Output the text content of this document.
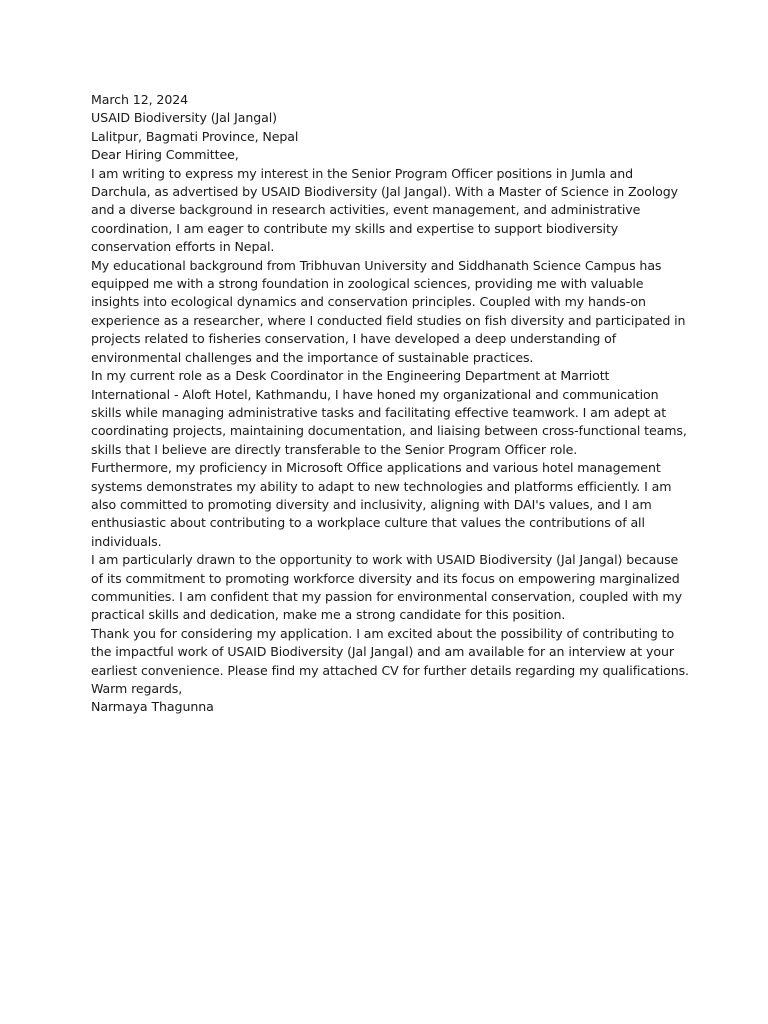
March 12, 2024

USAID Biodiversity (Jal Jangal)
Lalitpur, Bagmati Province, Nepal

Dear Hiring Committee,

I am writing to express my interest in the Senior Program Officer positions in Jumla and Darchula, as advertised by USAID Biodiversity (Jal Jangal). With a Master of Science in Zoology and a diverse background in research activities, event management, and administrative coordination, I am eager to contribute my skills and expertise to support biodiversity conservation efforts in Nepal.

My educational background from Tribhuvan University and Siddhanath Science Campus has equipped me with a strong foundation in zoological sciences, providing me with valuable insights into ecological dynamics and conservation principles. Coupled with my hands-on experience as a researcher, where I conducted field studies on fish diversity and participated in projects related to fisheries conservation, I have developed a deep understanding of environmental challenges and the importance of sustainable practices.

In my current role as a Desk Coordinator in the Engineering Department at Marriott International - Aloft Hotel, Kathmandu, I have honed my organizational and communication skills while managing administrative tasks and facilitating effective teamwork. I am adept at coordinating projects, maintaining documentation, and liaising between cross-functional teams, skills that I believe are directly transferable to the Senior Program Officer role.

Furthermore, my proficiency in Microsoft Office applications and various hotel management systems demonstrates my ability to adapt to new technologies and platforms efficiently. I am also committed to promoting diversity and inclusivity, aligning with DAI's values, and I am enthusiastic about contributing to a workplace culture that values the contributions of all individuals.

I am particularly drawn to the opportunity to work with USAID Biodiversity (Jal Jangal) because of its commitment to promoting workforce diversity and its focus on empowering marginalized communities. I am confident that my passion for environmental conservation, coupled with my practical skills and dedication, make me a strong candidate for this position.

Thank you for considering my application. I am excited about the possibility of contributing to the impactful work of USAID Biodiversity (Jal Jangal) and am available for an interview at your earliest convenience. Please find my attached CV for further details regarding my qualifications.

Warm regards,

Narmaya Thagunna
